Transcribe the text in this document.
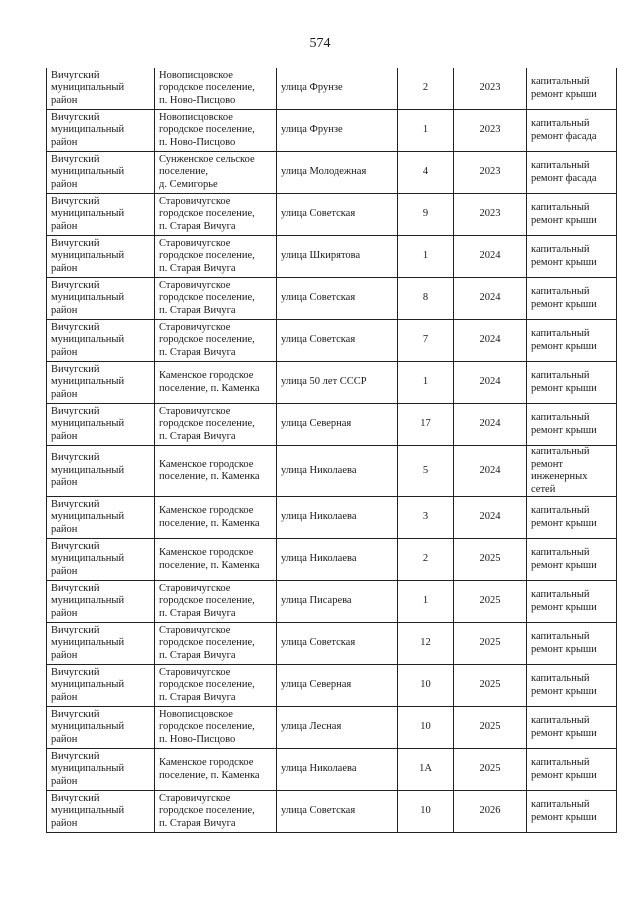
574
Вичугский
муниципальный
район	Новописцовское
городское поселение,
п. Ново-Писцово	улица Фрунзе	2	2023	капитальный
ремонт крыши

Вичугский
муниципальный
район	Новописцовское
городское поселение,
п. Ново-Писцово	улица Фрунзе	1	2023	капитальный
ремонт фасада

Вичугский
муниципальный
район	Сунженское сельское
поселение,
д. Семигорье	улица Молодежная	4	2023	капитальный
ремонт фасада

Вичугский
муниципальный
район	Старовичугское
городское поселение,
п. Старая Вичуга	улица Советская	9	2023	капитальный
ремонт крыши

Вичугский
муниципальный
район	Старовичугское
городское поселение,
п. Старая Вичуга	улица Шкирятова	1	2024	капитальный
ремонт крыши

Вичугский
муниципальный
район	Старовичугское
городское поселение,
п. Старая Вичуга	улица Советская	8	2024	капитальный
ремонт крыши

Вичугский
муниципальный
район	Старовичугское
городское поселение,
п. Старая Вичуга	улица Советская	7	2024	капитальный
ремонт крыши

Вичугский
муниципальный
район	Каменское городское
поселение, п. Каменка	улица 50 лет СССР	1	2024	капитальный
ремонт крыши

Вичугский
муниципальный
район	Старовичугское
городское поселение,
п. Старая Вичуга	улица Северная	17	2024	капитальный
ремонт крыши

Вичугский
муниципальный
район	Каменское городское
поселение, п. Каменка	улица Николаева	5	2024	капитальный
ремонт
инженерных
сетей

Вичугский
муниципальный
район	Каменское городское
поселение, п. Каменка	улица Николаева	3	2024	капитальный
ремонт крыши

Вичугский
муниципальный
район	Каменское городское
поселение, п. Каменка	улица Николаева	2	2025	капитальный
ремонт крыши

Вичугский
муниципальный
район	Старовичугское
городское поселение,
п. Старая Вичуга	улица Писарева	1	2025	капитальный
ремонт крыши

Вичугский
муниципальный
район	Старовичугское
городское поселение,
п. Старая Вичуга	улица Советская	12	2025	капитальный
ремонт крыши

Вичугский
муниципальный
район	Старовичугское
городское поселение,
п. Старая Вичуга	улица Северная	10	2025	капитальный
ремонт крыши

Вичугский
муниципальный
район	Новописцовское
городское поселение,
п. Ново-Писцово	улица Лесная	10	2025	капитальный
ремонт крыши

Вичугский
муниципальный
район	Каменское городское
поселение, п. Каменка	улица Николаева	1А	2025	капитальный
ремонт крыши

Вичугский
муниципальный
район	Старовичугское
городское поселение,
п. Старая Вичуга	улица Советская	10	2026	капитальный
ремонт крыши
